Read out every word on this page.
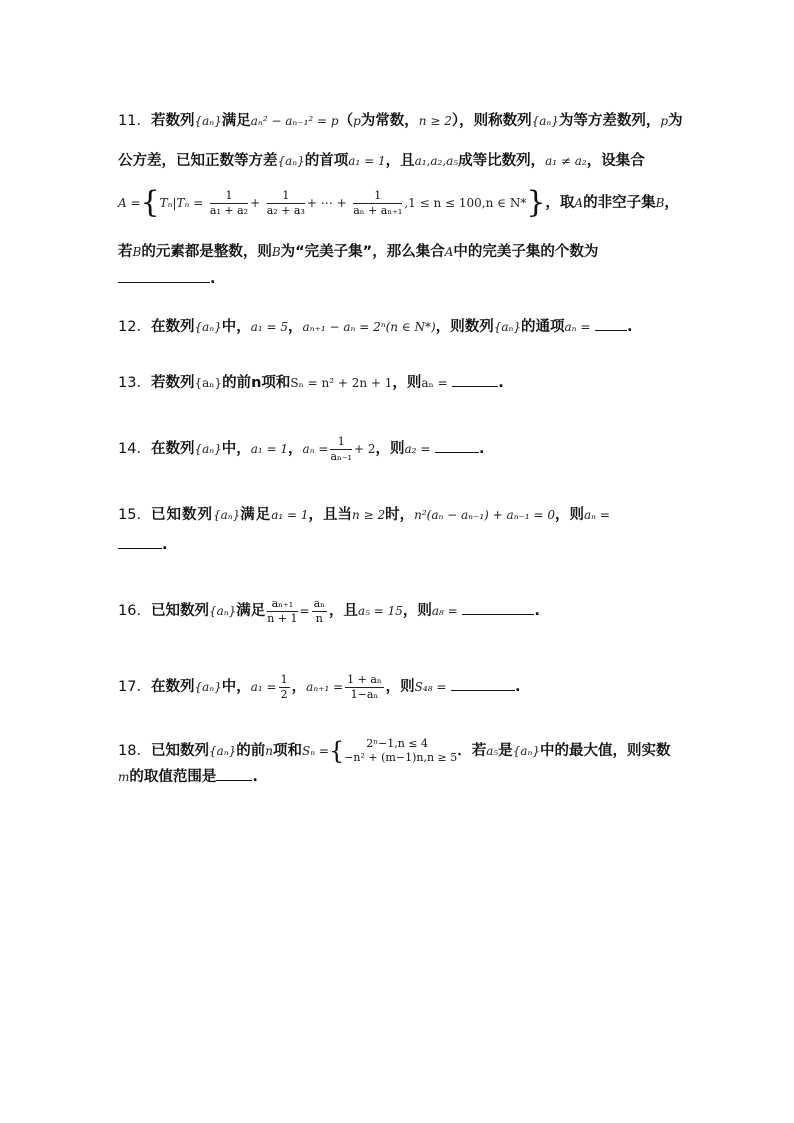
11．若数列{aₙ}满足aₙ² − aₙ₋₁² = p（p为常数，n ≥ 2），则称数列{aₙ}为等方差数列，p为
公方差，已知正数等方差{aₙ}的首项a₁ = 1，且a₁,a₂,a₅成等比数列，a₁ ≠ a₂，设集合
$A =\{T_n|T_n = \frac{1}{\text{a₁ + a₂}} + \frac{1}{\text{a₂ + a₃}}$ + ⋯ + $\frac{1}{\text{aₙ + aₙ₊₁}} ,1 \le n \le 100,n$ ∈ N*}，取A的非空子集B，
若B的元素都是整数，则B为“完美子集”，那么集合A中的完美子集的个数为
.
12．在数列{aₙ}中，a₁ = 5，aₙ₊₁ − aₙ = 2ⁿ(n ∈ N*)，则数列{aₙ}的通项aₙ =	.
13．若数列{aₙ}的前n项和Sₙ = n² + 2n + 1，则aₙ =	.
14．在数列{aₙ}中，a₁ = 1，$a_n = \frac{1}{\text{aₙ₋₁}} + 2$，则a₂ =	.
15．已知数列{aₙ}满足a₁ = 1，且当n ≥ 2时，n²(aₙ − aₙ₋₁) + aₙ₋₁ = 0，则aₙ =
.
16．已知数列{aₙ}满足 $\frac{\text{aₙ₊₁}}{n + 1} = \frac{\text{aₙ}}{n}$ ，且a₅ = 15，则a₈ =	.
17．在数列{aₙ}中，$a_1 = \frac{1}{2}$ ，$a_{n+1} = \frac{\text{1 + aₙ}}{\text{1−aₙ}}$ ，则S₄₈ =	.
18．已知数列{aₙ}的前n项和Sₙ ={	2ⁿ−1,n ≤ 4
−n² + (m−1)n,n ≥ 5 ．若a₅是{aₙ}中的最大值，则实数
m的取值范围是 .
